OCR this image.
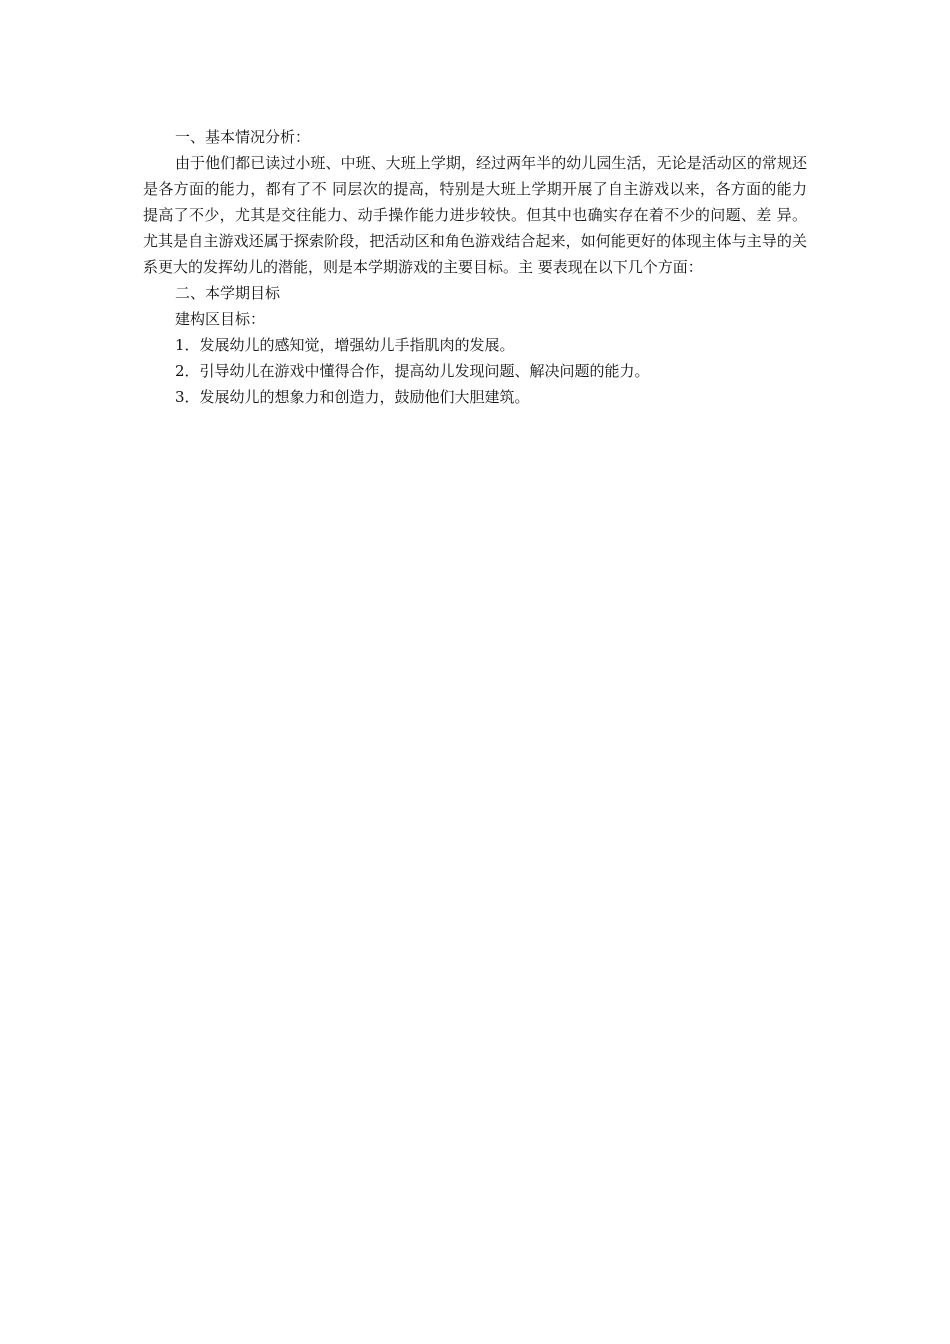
一、基本情况分析：

由于他们都已读过小班、中班、大班上学期，经过两年半的幼儿园生活，无论是活动区的常规还是各方面的能力，都有了不 同层次的提高，特别是大班上学期开展了自主游戏以来，各方面的能力提高了不少，尤其是交往能力、动手操作能力进步较快。但其中也确实存在着不少的问题、差 异。尤其是自主游戏还属于探索阶段，把活动区和角色游戏结合起来，如何能更好的体现主体与主导的关系更大的发挥幼儿的潜能，则是本学期游戏的主要目标。主 要表现在以下几个方面：

二、本学期目标

建构区目标：

1．发展幼儿的感知觉，增强幼儿手指肌肉的发展。

2．引导幼儿在游戏中懂得合作，提高幼儿发现问题、解决问题的能力。

3．发展幼儿的想象力和创造力，鼓励他们大胆建筑。
